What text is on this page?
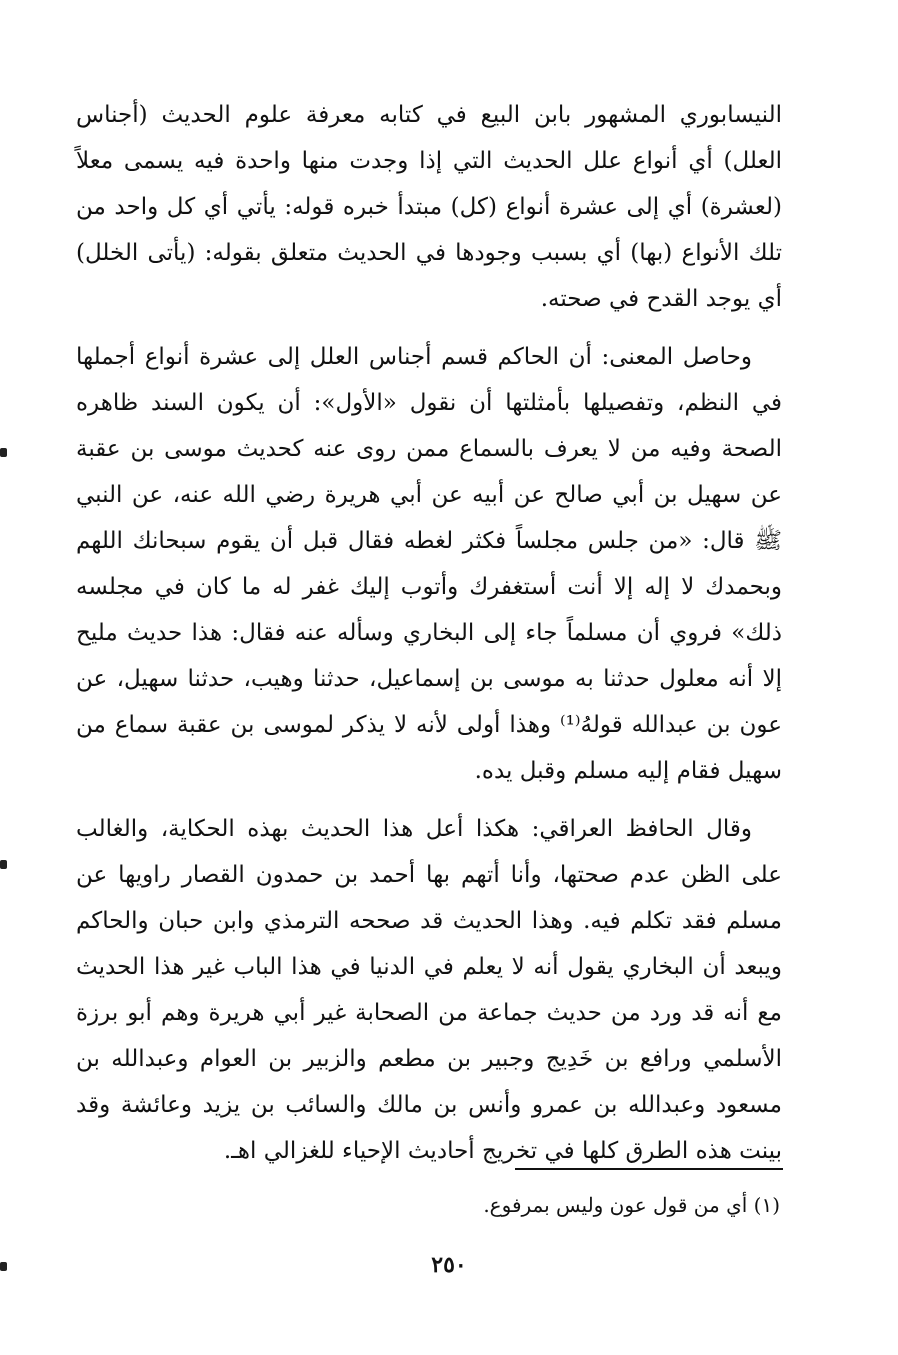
النيسابوري المشهور بابن البيع في كتابه معرفة علوم الحديث (أجناس العلل) أي أنواع علل الحديث التي إذا وجدت منها واحدة فيه يسمى معلاً (لعشرة) أي إلى عشرة أنواع (كل) مبتدأ خبره قوله: يأتي أي كل واحد من تلك الأنواع (بها) أي بسبب وجودها في الحديث متعلق بقوله: (يأتى الخلل) أي يوجد القدح في صحته.

وحاصل المعنى: أن الحاكم قسم أجناس العلل إلى عشرة أنواع أجملها في النظم، وتفصيلها بأمثلتها أن نقول «الأول»: أن يكون السند ظاهره الصحة وفيه من لا يعرف بالسماع ممن روى عنه كحديث موسى بن عقبة عن سهيل بن أبي صالح عن أبيه عن أبي هريرة رضي الله عنه، عن النبي ﷺ قال: «من جلس مجلساً فكثر لغطه فقال قبل أن يقوم سبحانك اللهم وبحمدك لا إله إلا أنت أستغفرك وأتوب إليك غفر له ما كان في مجلسه ذلك» فروي أن مسلماً جاء إلى البخاري وسأله عنه فقال: هذا حديث مليح إلا أنه معلول حدثنا به موسى بن إسماعيل، حدثنا وهيب، حدثنا سهيل، عن عون بن عبدالله قولهُ⁽¹⁾ وهذا أولى لأنه لا يذكر لموسى بن عقبة سماع من سهيل فقام إليه مسلم وقبل يده.

وقال الحافظ العراقي: هكذا أعل هذا الحديث بهذه الحكاية، والغالب على الظن عدم صحتها، وأنا أتهم بها أحمد بن حمدون القصار راويها عن مسلم فقد تكلم فيه. وهذا الحديث قد صححه الترمذي وابن حبان والحاكم ويبعد أن البخاري يقول أنه لا يعلم في الدنيا في هذا الباب غير هذا الحديث مع أنه قد ورد من حديث جماعة من الصحابة غير أبي هريرة وهم أبو برزة الأسلمي ورافع بن خَدِيج وجبير بن مطعم والزبير بن العوام وعبدالله بن مسعود وعبدالله بن عمرو وأنس بن مالك والسائب بن يزيد وعائشة وقد بينت هذه الطرق كلها في تخريج أحاديث الإحياء للغزالي اهـ.

(١) أي من قول عون وليس بمرفوع.
٢٥٠
